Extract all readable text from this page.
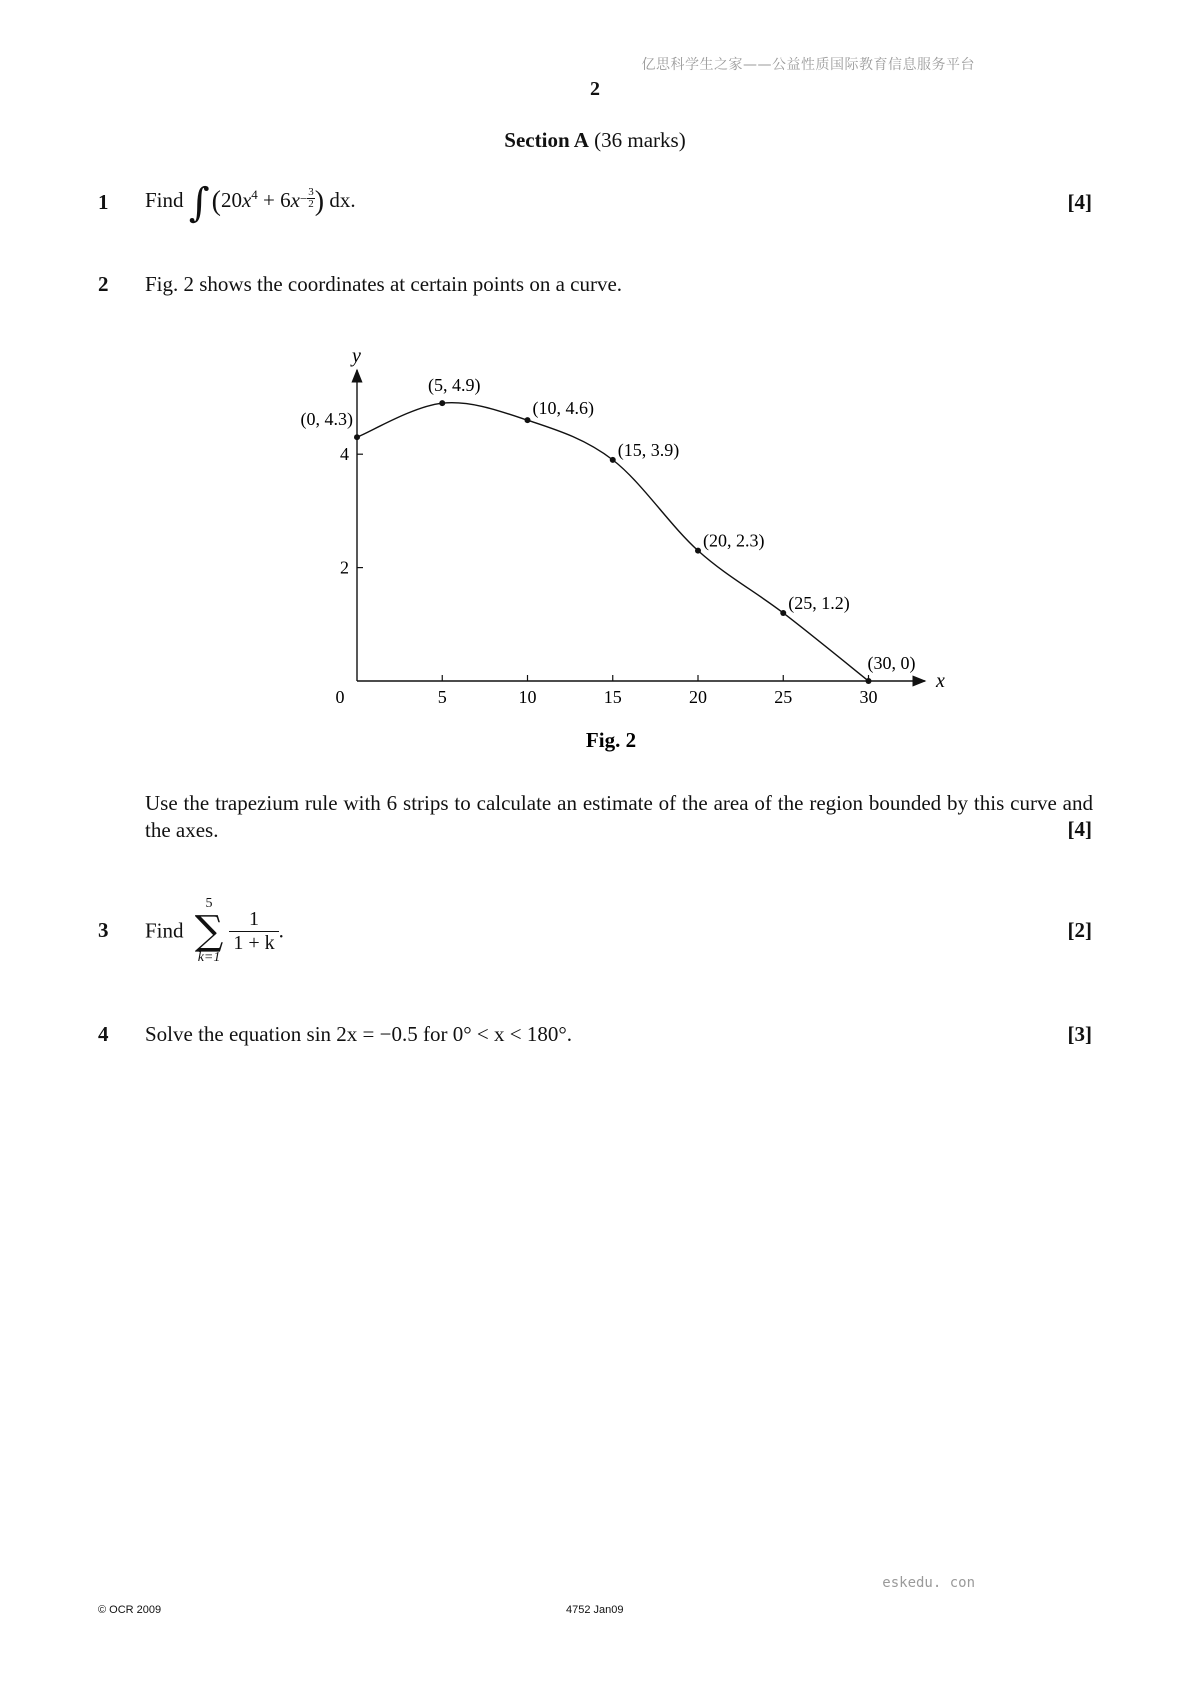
亿思科学生之家——公益性质国际教育信息服务平台
2
Section A (36 marks)
1 Find $\int(20x^4 + 6x- \frac{3}{2}$ ) dx.	[4]
2 Fig. 2 shows the coordinates at certain points on a curve.
x
y
0	5	10	15	20	25	30
2
4
(0, 4.3)
(5, 4.9)
(10, 4.6)
(15, 3.9)
(20, 2.3)
(25, 1.2)
(30, 0)
Fig. 2
Use the trapezium rule with 6 strips to calculate an estimate of the area of the region bounded by this curve and the axes.	[4]
3 Find
5
∑
k=1
$\frac{1}{1 + k}$ .	[2]
4 Solve the equation sin 2x = −0.5 for 0° < x < 180°.	[3]
eskedu. con
© OCR 2009	4752 Jan09
